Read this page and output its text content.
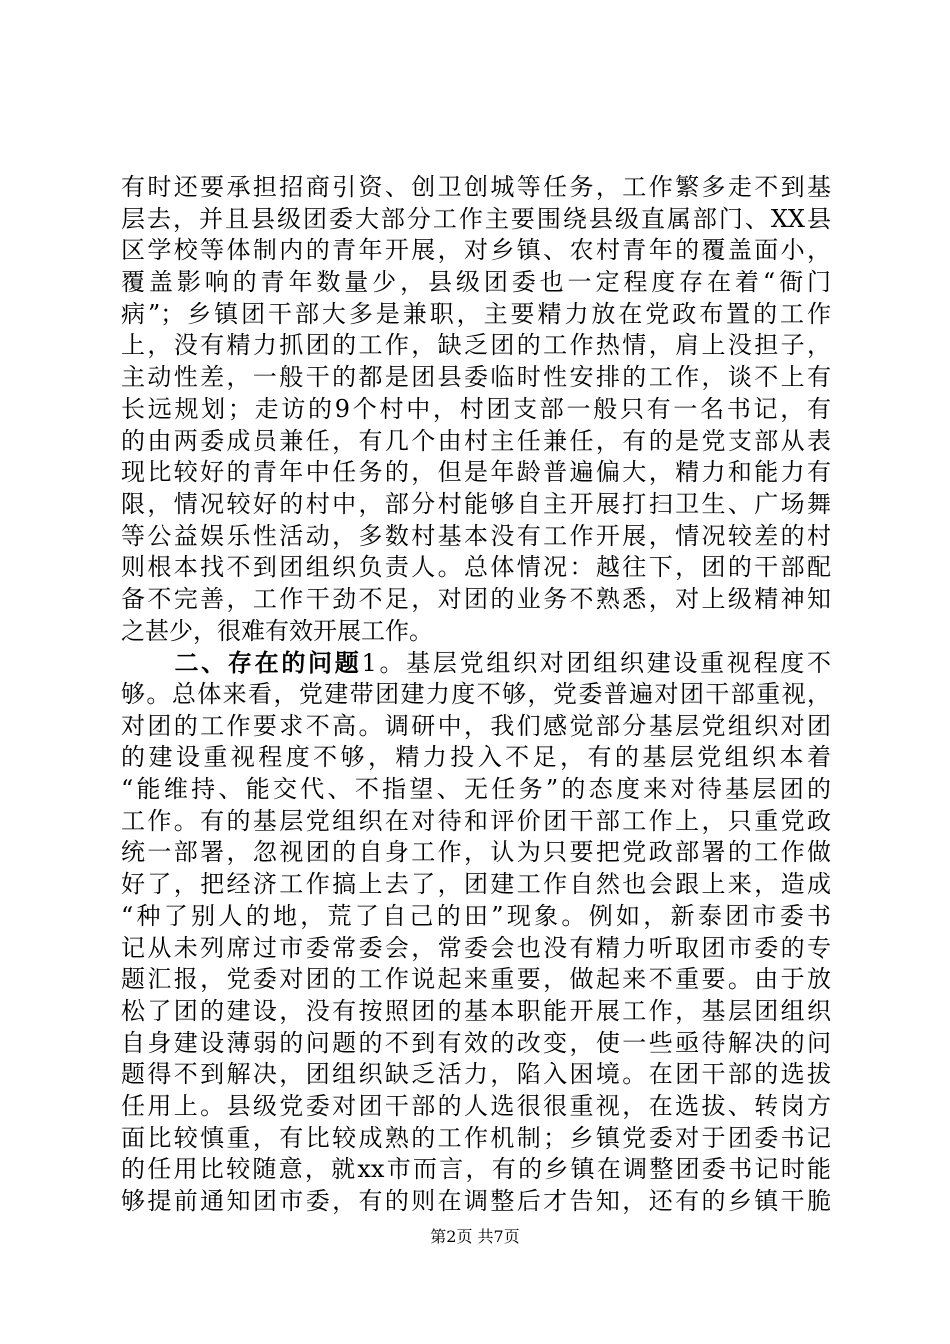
有时还要承担招商引资、创卫创城等任务，工作繁多走不到基
层去，并且县级团委大部分工作主要围绕县级直属部门、XX县
区学校等体制内的青年开展，对乡镇、农村青年的覆盖面小，
覆盖影响的青年数量少，县级团委也一定程度存在着“衙门
病”；乡镇团干部大多是兼职，主要精力放在党政布置的工作
上，没有精力抓团的工作，缺乏团的工作热情，肩上没担子，
主动性差，一般干的都是团县委临时性安排的工作，谈不上有
长远规划；走访的9个村中，村团支部一般只有一名书记，有
的由两委成员兼任，有几个由村主任兼任，有的是党支部从表
现比较好的青年中任务的，但是年龄普遍偏大，精力和能力有
限，情况较好的村中，部分村能够自主开展打扫卫生、广场舞
等公益娱乐性活动，多数村基本没有工作开展，情况较差的村
则根本找不到团组织负责人。总体情况：越往下，团的干部配
备不完善，工作干劲不足，对团的业务不熟悉，对上级精神知
之甚少，很难有效开展工作。
　　二、存在的问题1。基层党组织对团组织建设重视程度不
够。总体来看，党建带团建力度不够，党委普遍对团干部重视，
对团的工作要求不高。调研中，我们感觉部分基层党组织对团
的建设重视程度不够，精力投入不足，有的基层党组织本着
“能维持、能交代、不指望、无任务”的态度来对待基层团的
工作。有的基层党组织在对待和评价团干部工作上，只重党政
统一部署，忽视团的自身工作，认为只要把党政部署的工作做
好了，把经济工作搞上去了，团建工作自然也会跟上来，造成
“种了别人的地，荒了自己的田”现象。例如，新泰团市委书
记从未列席过市委常委会，常委会也没有精力听取团市委的专
题汇报，党委对团的工作说起来重要，做起来不重要。由于放
松了团的建设，没有按照团的基本职能开展工作，基层团组织
自身建设薄弱的问题的不到有效的改变，使一些亟待解决的问
题得不到解决，团组织缺乏活力，陷入困境。在团干部的选拔
任用上。县级党委对团干部的人选很很重视，在选拔、转岗方
面比较慎重，有比较成熟的工作机制；乡镇党委对于团委书记
的任用比较随意，就xx市而言，有的乡镇在调整团委书记时能
够提前通知团市委，有的则在调整后才告知，还有的乡镇干脆
第2页 共7页
